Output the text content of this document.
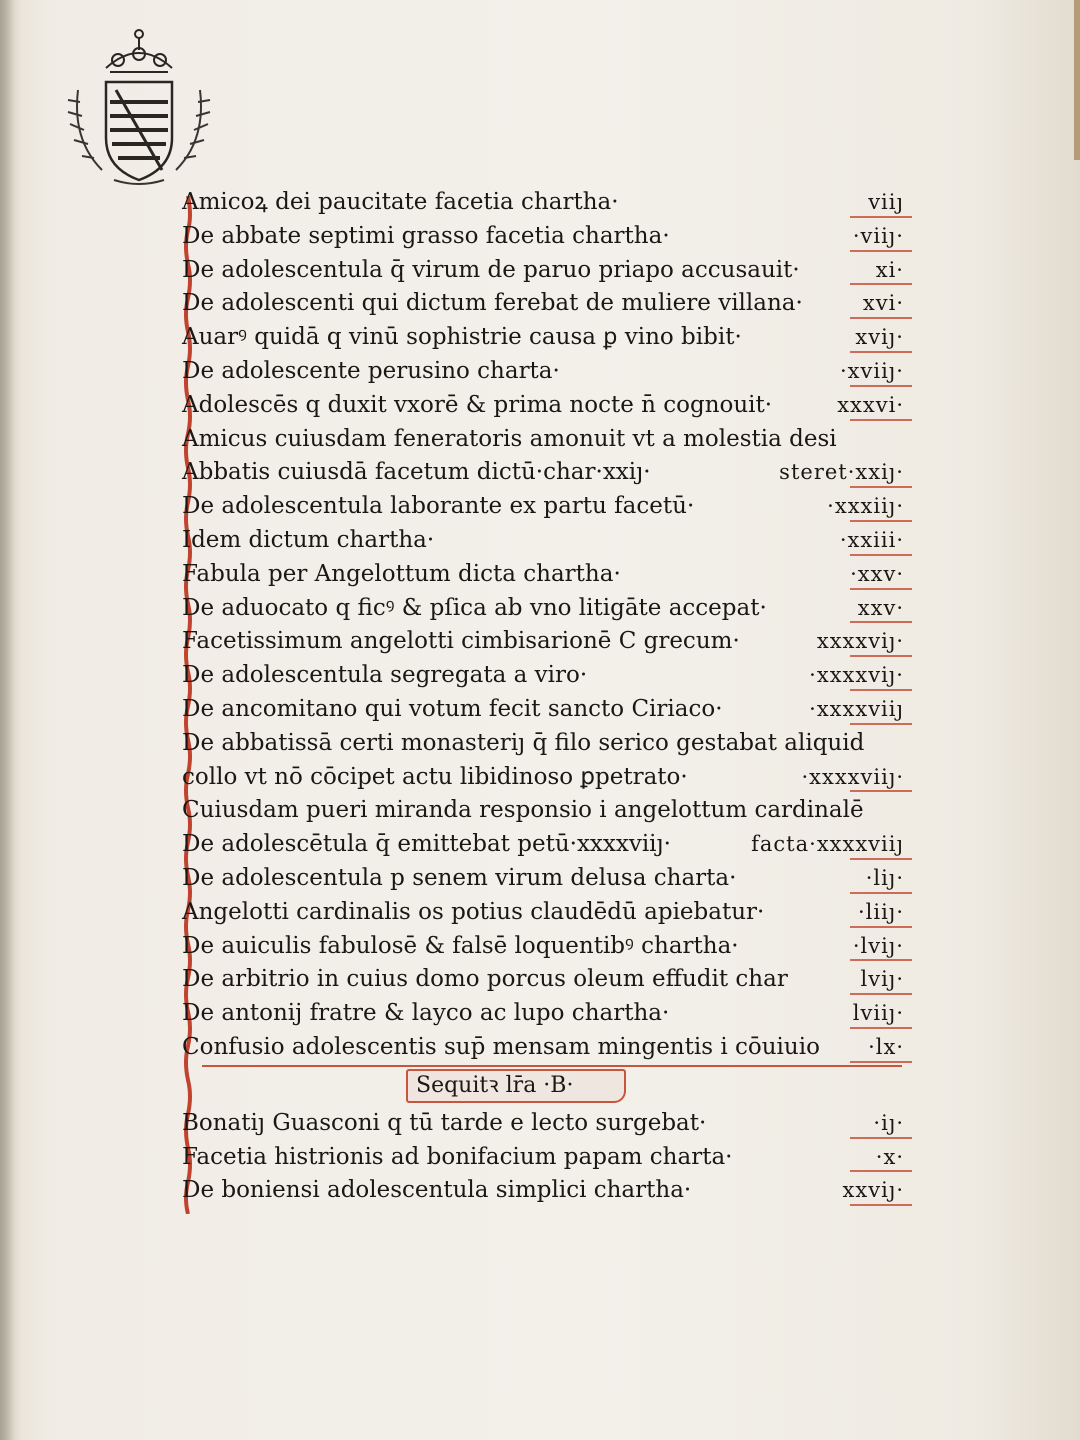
Amicoꝝ dei paucitate facetia chartha·	viiȷ
De abbate septimi grasso facetia chartha·	·viiȷ·
De adolescentula q̄ virum de paruo priapo accusauit·	xi·
De adolescenti qui dictum ferebat de muliere villana·	xvi·
Auarꝰ quidā q vinū sophistrie causa ꝑ vino bibit·	xviȷ·
De adolescente perusino charta·	·xviiȷ·
Adolescēs q duxit vxorē & prima nocte n̄ cognouit·	xxxvi·
Amicus cuiusdam feneratoris amonuit vt a molestia desi
Abbatis cuiusdā facetum dictū·char·xxiȷ·	steret·xxiȷ·
De adolescentula laborante ex partu facetū·	·xxxiiȷ·
Idem dictum chartha·	·xxiii·
Fabula per Angelottum dicta chartha·	·xxv·
De aduocato q ficꝰ & pſica ab vno litigāte accepat·	xxv·
Facetissimum angelotti cimbisarionē C grecum·	xxxxviȷ·
De adolescentula segregata a viro·	·xxxxviȷ·
De ancomitano qui votum fecit sancto Ciriaco·	·xxxxviiȷ
De abbatissā certi monasteriȷ q̄ filo serico gestabat aliquid
collo vt nō cōcipet actu libidinoso ꝑpetrato·	·xxxxviiȷ·
Cuiusdam pueri miranda responsio i angelottum cardinalē
De adolescētula q̄ emittebat petū·xxxxviiȷ·	facta·xxxxviiȷ
De adolescentula p senem virum delusa charta·	·liȷ·
Angelotti cardinalis os potius claudēdū apiebatur·	·liiȷ·
De auiculis fabulosē & falsē loquentibꝰ chartha·	·lviȷ·
De arbitrio in cuius domo porcus oleum effudit char	lviȷ·
De antonij fratre & layco ac lupo chartha·	lviiȷ·
Confusio adolescentis sup̄ mensam mingentis i cōuiuio ·lx·
Sequitꝛ lr̄a ·B·
Bonatiȷ Guasconi q tū tarde e lecto surgebat·	·iȷ·
Facetia histrionis ad bonifacium papam charta·	·x·
De boniensi adolescentula simplici chartha·	xxviȷ·
